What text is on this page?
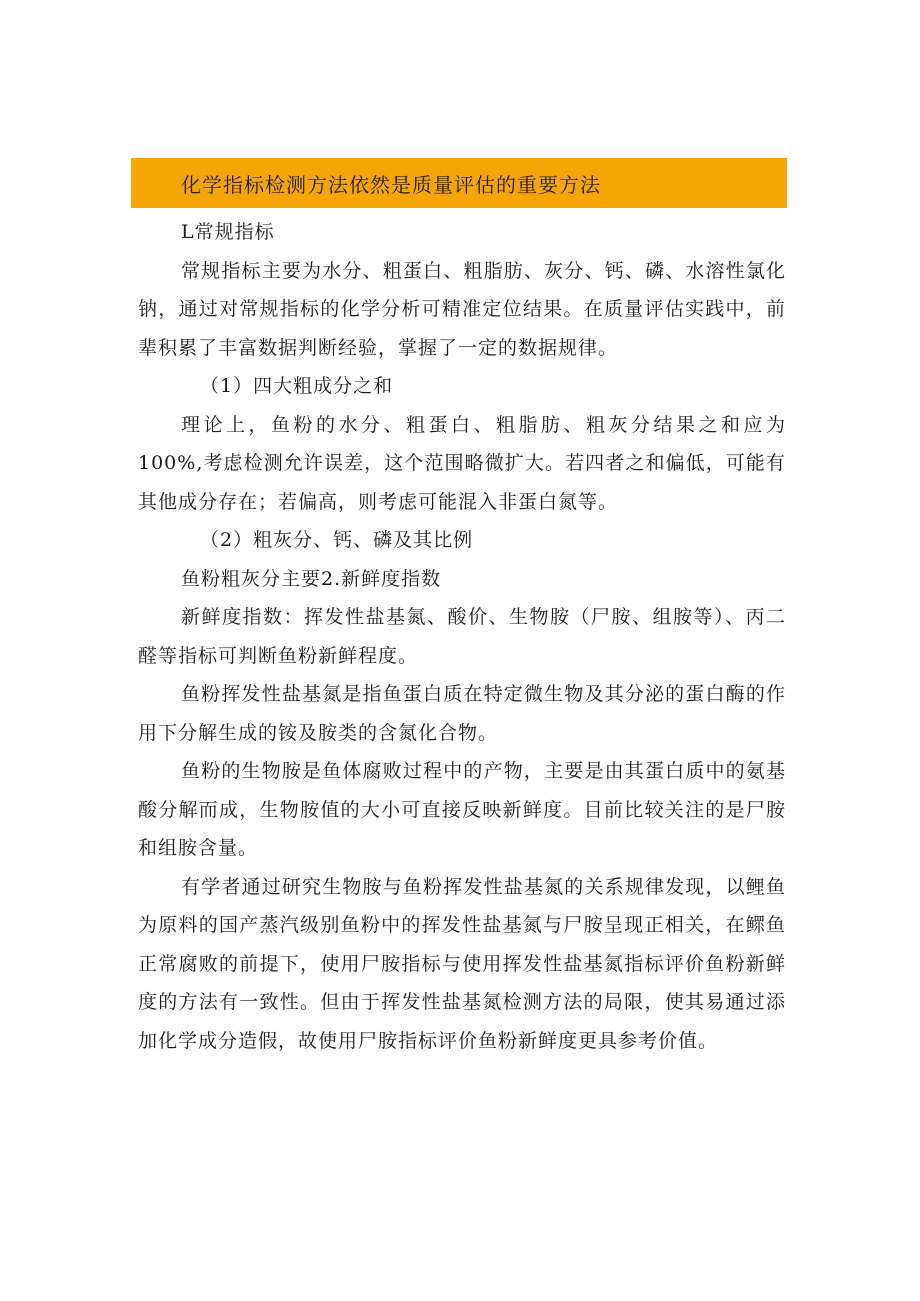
化学指标检测方法依然是质量评估的重要方法

L常规指标

常规指标主要为水分、粗蛋白、粗脂肪、灰分、钙、磷、水溶性氯化钠，通过对常规指标的化学分析可精准定位结果。在质量评估实践中，前辈积累了丰富数据判断经验，掌握了一定的数据规律。

（1）四大粗成分之和

理论上，鱼粉的水分、粗蛋白、粗脂肪、粗灰分结果之和应为100%,考虑检测允许误差，这个范围略微扩大。若四者之和偏低，可能有其他成分存在；若偏高，则考虑可能混入非蛋白氮等。

（2）粗灰分、钙、磷及其比例

鱼粉粗灰分主要2.新鲜度指数

新鲜度指数：挥发性盐基氮、酸价、生物胺（尸胺、组胺等）、丙二醛等指标可判断鱼粉新鲜程度。

鱼粉挥发性盐基氮是指鱼蛋白质在特定微生物及其分泌的蛋白酶的作用下分解生成的铵及胺类的含氮化合物。

鱼粉的生物胺是鱼体腐败过程中的产物，主要是由其蛋白质中的氨基酸分解而成，生物胺值的大小可直接反映新鲜度。目前比较关注的是尸胺和组胺含量。

有学者通过研究生物胺与鱼粉挥发性盐基氮的关系规律发现，以鲤鱼为原料的国产蒸汽级别鱼粉中的挥发性盐基氮与尸胺呈现正相关，在鳏鱼正常腐败的前提下，使用尸胺指标与使用挥发性盐基氮指标评价鱼粉新鲜度的方法有一致性。但由于挥发性盐基氮检测方法的局限，使其易通过添加化学成分造假，故使用尸胺指标评价鱼粉新鲜度更具参考价值。
